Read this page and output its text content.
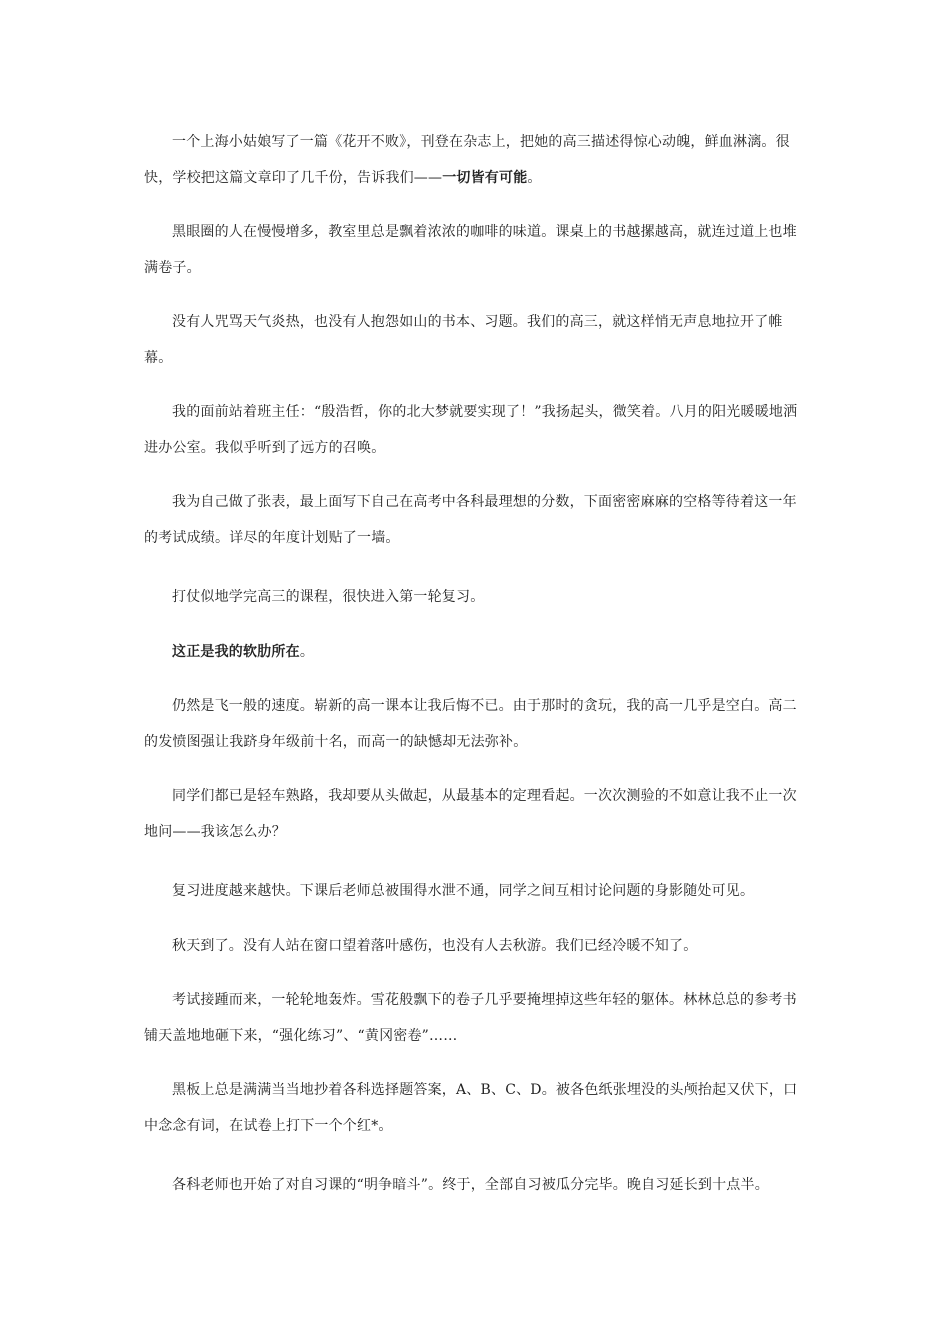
一个上海小姑娘写了一篇《花开不败》，刊登在杂志上，把她的高三描述得惊心动魄，鲜血淋漓。很快，学校把这篇文章印了几千份，告诉我们——一切皆有可能。

黑眼圈的人在慢慢增多，教室里总是飘着浓浓的咖啡的味道。课桌上的书越摞越高，就连过道上也堆满卷子。

没有人咒骂天气炎热，也没有人抱怨如山的书本、习题。我们的高三，就这样悄无声息地拉开了帷幕。

我的面前站着班主任：“殷浩哲，你的北大梦就要实现了！”我扬起头，微笑着。八月的阳光暖暖地洒进办公室。我似乎听到了远方的召唤。

我为自己做了张表，最上面写下自己在高考中各科最理想的分数，下面密密麻麻的空格等待着这一年的考试成绩。详尽的年度计划贴了一墙。

打仗似地学完高三的课程，很快进入第一轮复习。

这正是我的软肋所在。

仍然是飞一般的速度。崭新的高一课本让我后悔不已。由于那时的贪玩，我的高一几乎是空白。高二的发愤图强让我跻身年级前十名，而高一的缺憾却无法弥补。

同学们都已是轻车熟路，我却要从头做起，从最基本的定理看起。一次次测验的不如意让我不止一次地问——我该怎么办？

复习进度越来越快。下课后老师总被围得水泄不通，同学之间互相讨论问题的身影随处可见。

秋天到了。没有人站在窗口望着落叶感伤，也没有人去秋游。我们已经冷暖不知了。

考试接踵而来，一轮轮地轰炸。雪花般飘下的卷子几乎要掩埋掉这些年轻的躯体。林林总总的参考书铺天盖地地砸下来，“强化练习”、“黄冈密卷”……

黑板上总是满满当当地抄着各科选择题答案，A、B、C、D。被各色纸张埋没的头颅抬起又伏下，口中念念有词，在试卷上打下一个个红*。

各科老师也开始了对自习课的“明争暗斗”。终于，全部自习被瓜分完毕。晚自习延长到十点半。
